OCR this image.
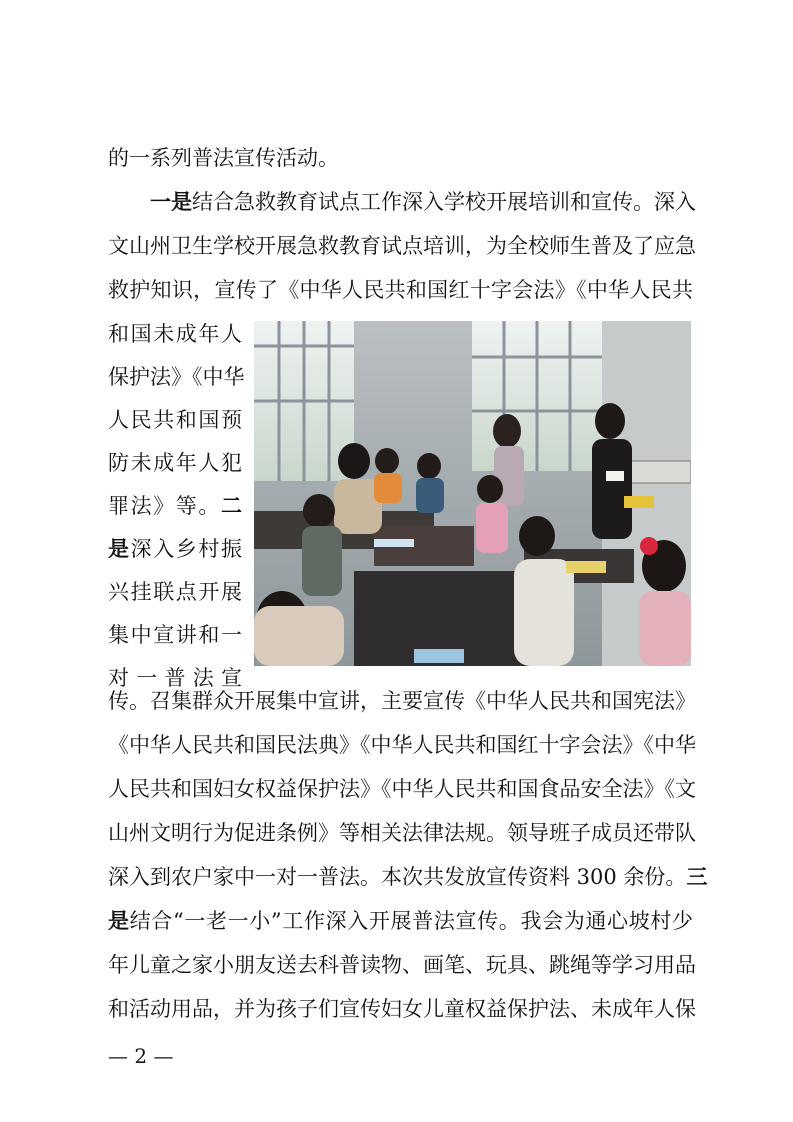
的一系列普法宣传活动。
一是结合急救教育试点工作深入学校开展培训和宣传。深入
文山州卫生学校开展急救教育试点培训，为全校师生普及了应急
救护知识，宣传了《中华人民共和国红十字会法》《中华人民共
和国未成年人
保护法》《中华
人民共和国预
防未成年人犯
罪法》等。二
是深入乡村振
兴挂联点开展
集中宣讲和一
对一普法宣
传。召集群众开展集中宣讲，主要宣传《中华人民共和国宪法》
《中华人民共和国民法典》《中华人民共和国红十字会法》《中华
人民共和国妇女权益保护法》《中华人民共和国食品安全法》《文
山州文明行为促进条例》等相关法律法规。领导班子成员还带队
深入到农户家中一对一普法。本次共发放宣传资料 300 余份。三
是结合“一老一小”工作深入开展普法宣传。我会为通心坡村少
年儿童之家小朋友送去科普读物、画笔、玩具、跳绳等学习用品
和活动用品，并为孩子们宣传妇女儿童权益保护法、未成年人保
— 2 —
